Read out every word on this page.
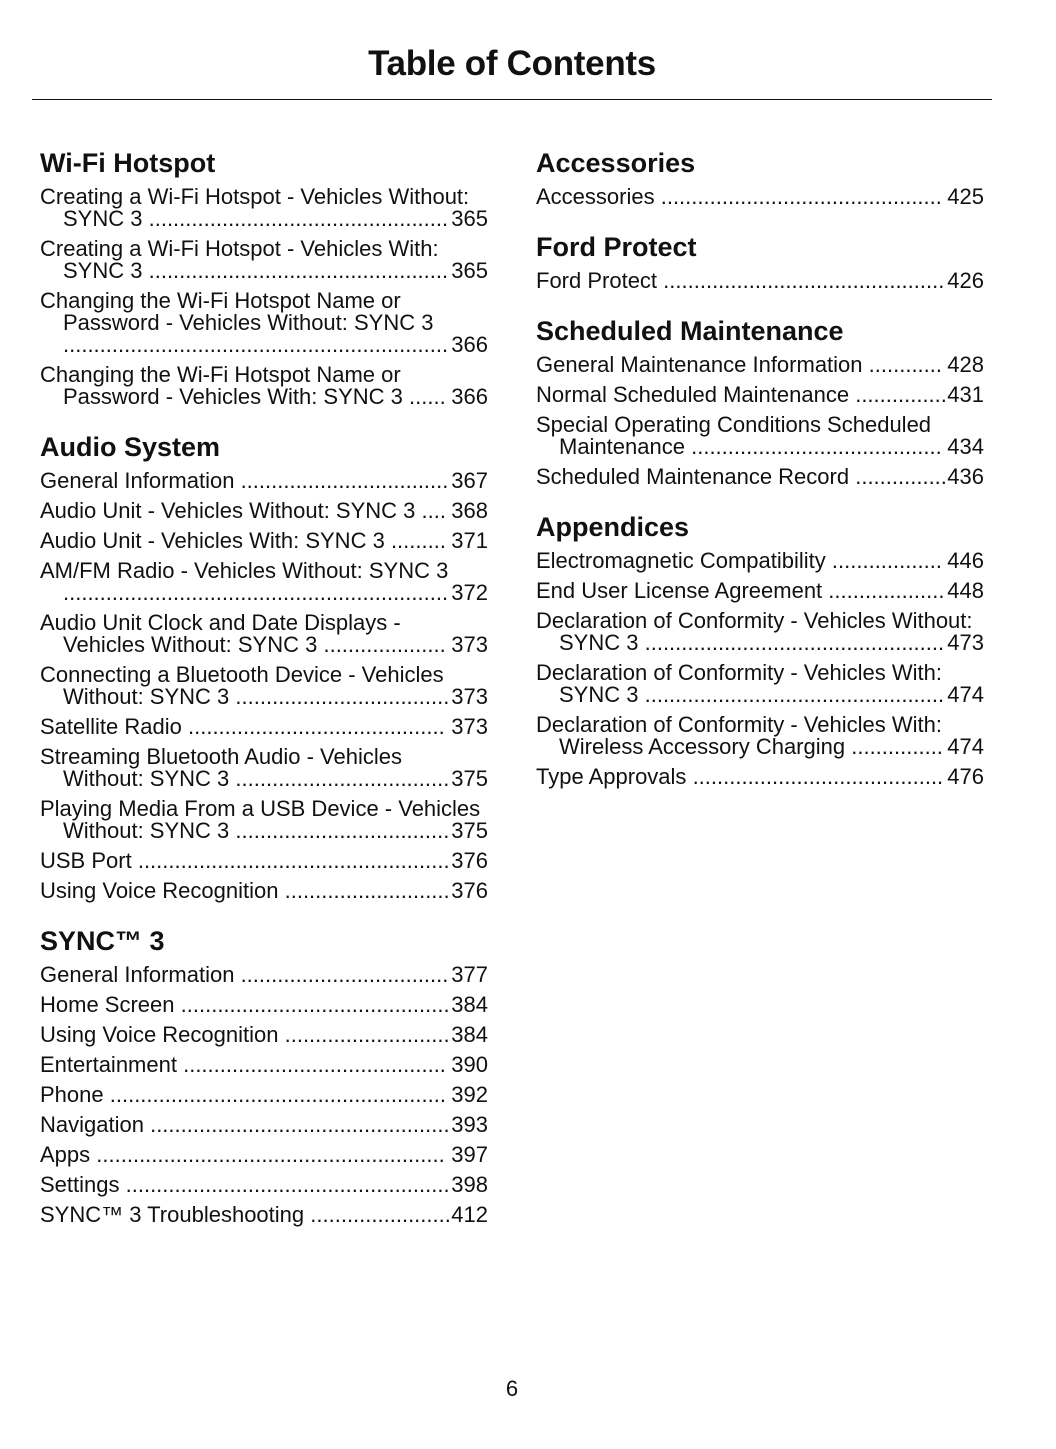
Table of Contents
Wi-Fi Hotspot
Creating a Wi-Fi Hotspot - Vehicles Without:
SYNC 3
................................................. 365
Creating a Wi-Fi Hotspot - Vehicles With:
SYNC 3
................................................. 365
Changing the Wi-Fi Hotspot Name or
Password - Vehicles Without: SYNC 3
............................................................... 366
Changing the Wi-Fi Hotspot Name or
Password - Vehicles With: SYNC 3
...... 366
Audio System
General Information
.................................. 367
Audio Unit - Vehicles Without: SYNC 3
.... 368
Audio Unit - Vehicles With: SYNC 3
......... 371
AM/FM Radio - Vehicles Without: SYNC 3
............................................................... 372
Audio Unit Clock and Date Displays -
Vehicles Without: SYNC 3
.................... 373
Connecting a Bluetooth Device - Vehicles
Without: SYNC 3
................................... 373
Satellite Radio
.......................................... 373
Streaming Bluetooth Audio - Vehicles
Without: SYNC 3
................................... 375
Playing Media From a USB Device - Vehicles
Without: SYNC 3
................................... 375
USB Port
................................................... 376
Using Voice Recognition
........................... 376
SYNC™ 3
General Information
.................................. 377
Home Screen
............................................ 384
Using Voice Recognition
........................... 384
Entertainment
........................................... 390
Phone
....................................................... 392
Navigation
................................................. 393
Apps
......................................................... 397
Settings
..................................................... 398
SYNC™ 3 Troubleshooting
....................... 412
Accessories
Accessories
.............................................. 425
Ford Protect
Ford Protect
.............................................. 426
Scheduled Maintenance
General Maintenance Information
............ 428
Normal Scheduled Maintenance
............... 431
Special Operating Conditions Scheduled
Maintenance
......................................... 434
Scheduled Maintenance Record
............... 436
Appendices
Electromagnetic Compatibility
.................. 446
End User License Agreement
................... 448
Declaration of Conformity - Vehicles Without:
SYNC 3
................................................. 473
Declaration of Conformity - Vehicles With:
SYNC 3
................................................. 474
Declaration of Conformity - Vehicles With:
Wireless Accessory Charging
............... 474
Type Approvals
......................................... 476
6
